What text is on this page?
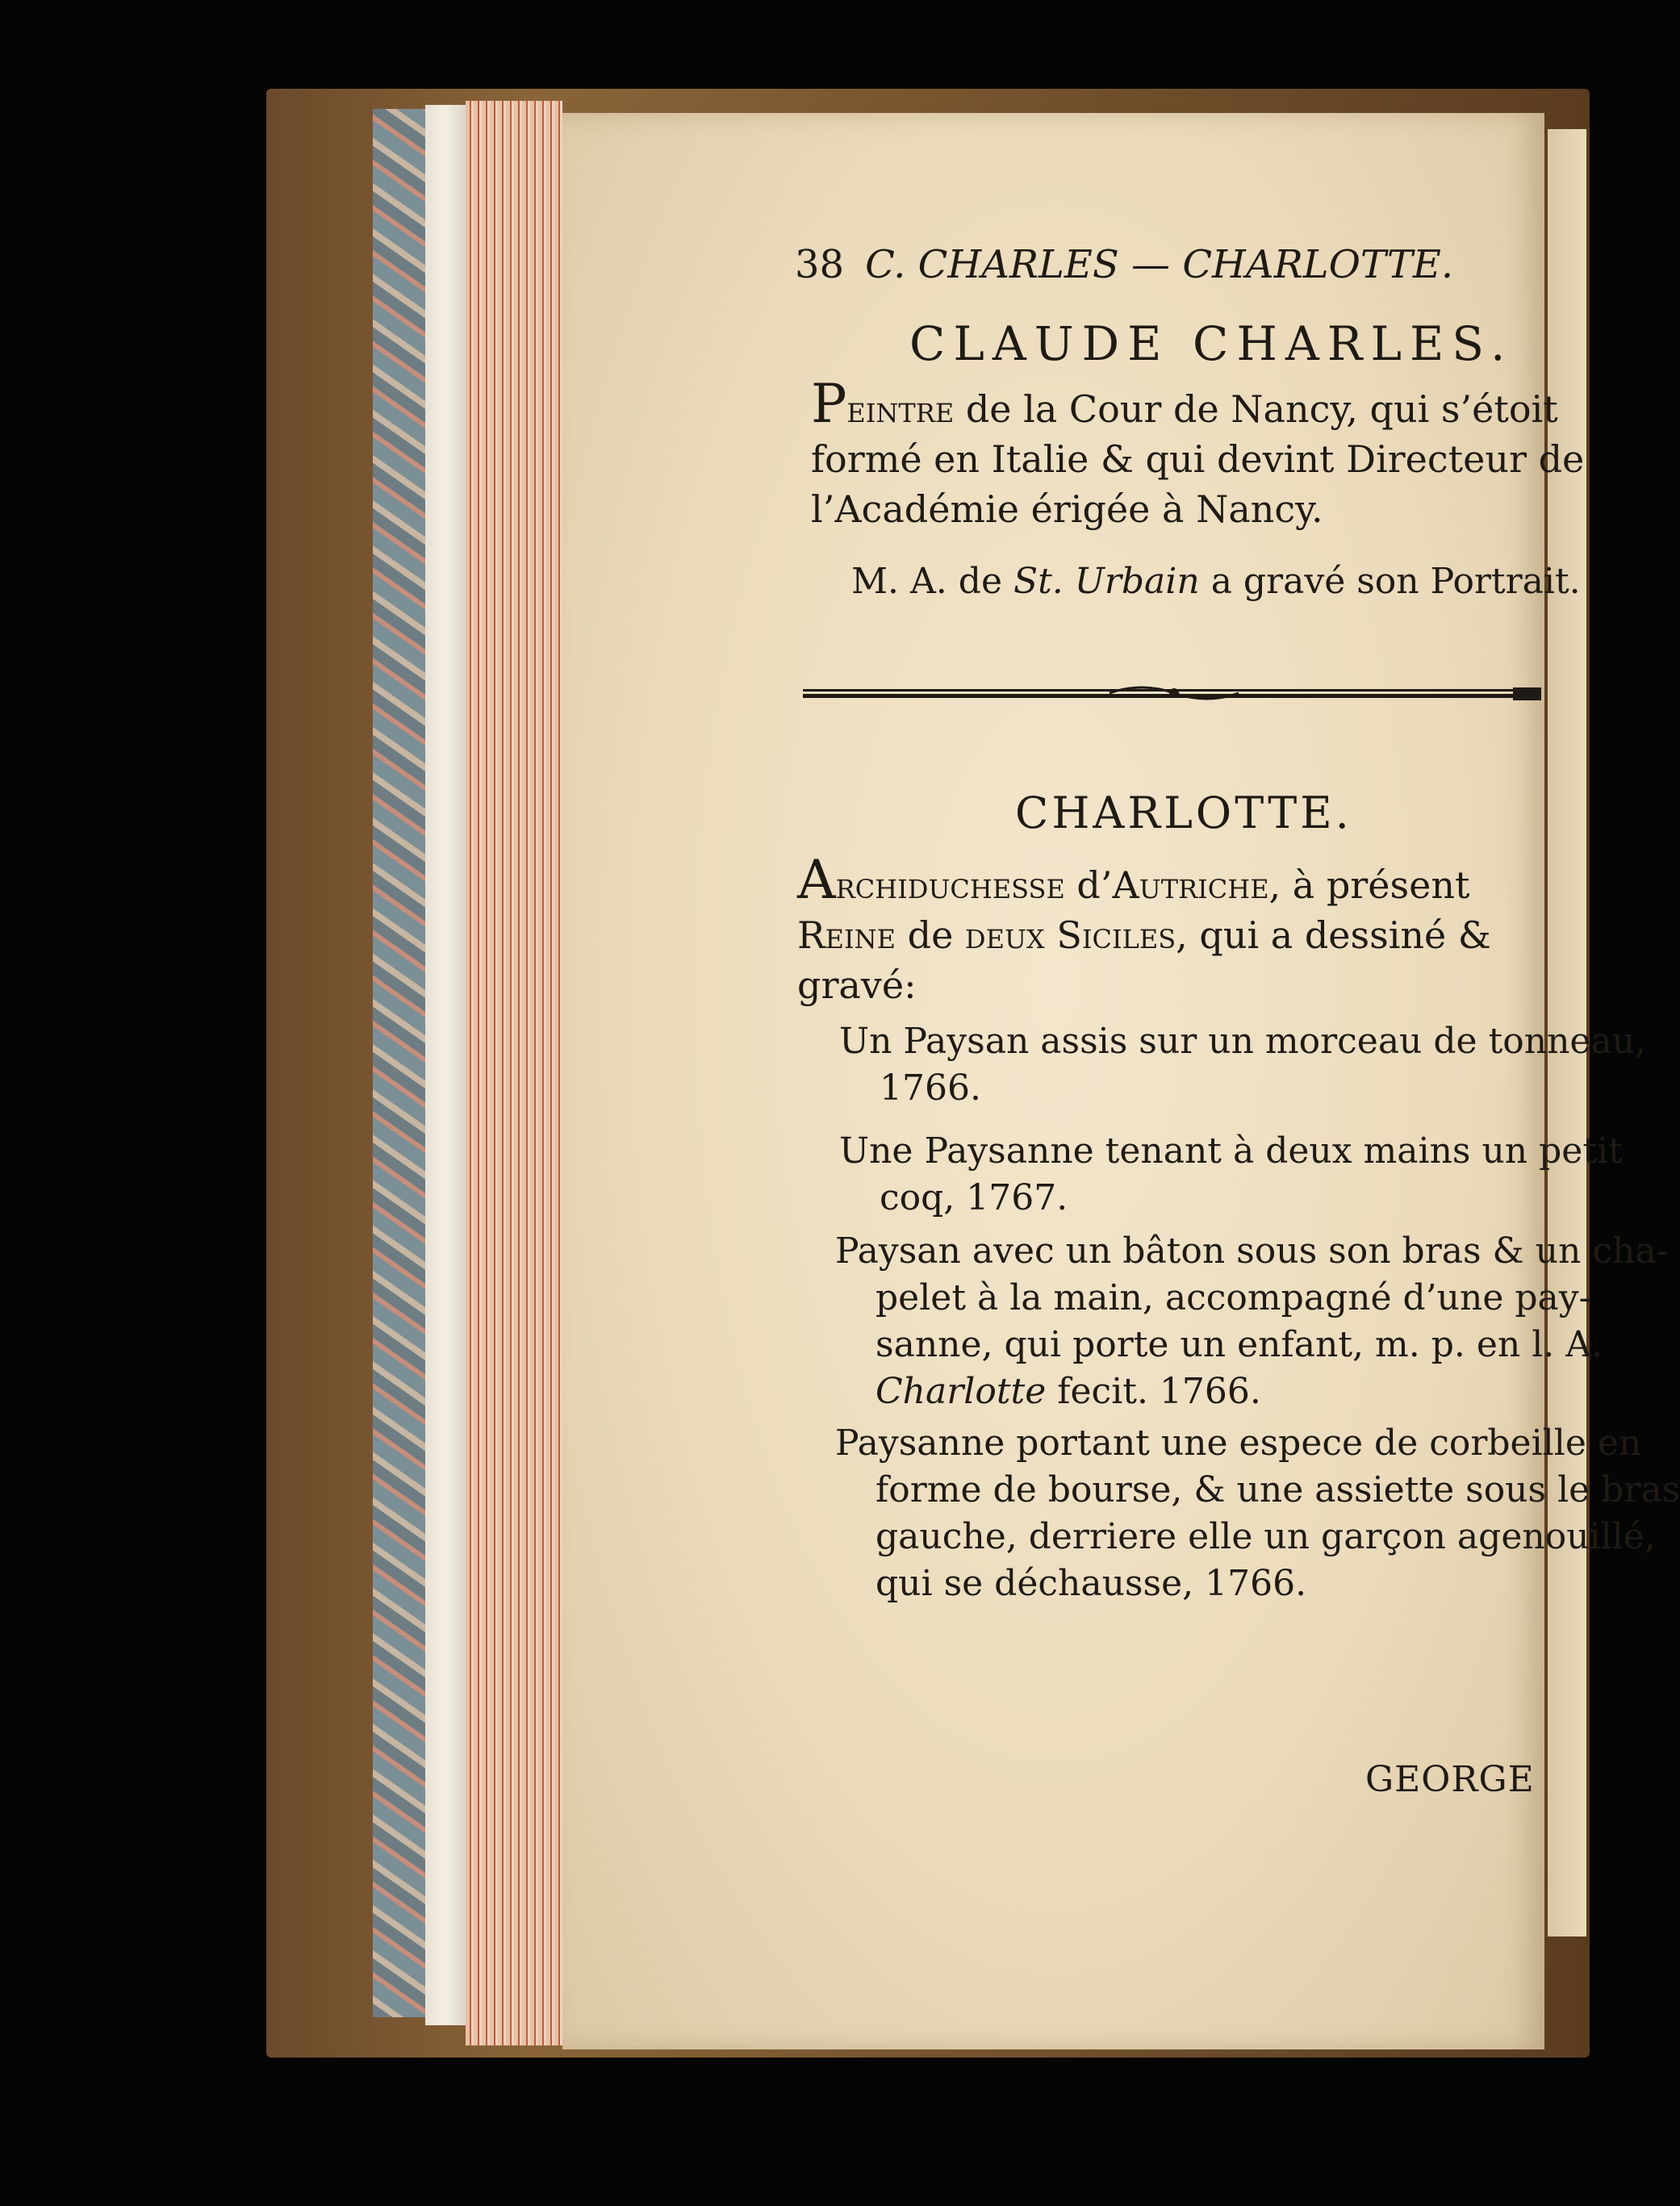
38 C. CHARLES — CHARLOTTE.
CLAUDE CHARLES.
Peintre de la Cour de Nancy, qui s’étoit
formé en Italie & qui devint Directeur de
l’Académie érigée à Nancy.
M. A. de St. Urbain a gravé son Portrait.
CHARLOTTE.
Archiduchesse d’Autriche, à présent
Reine de deux Siciles, qui a dessiné &
gravé:
Un Paysan assis sur un morceau de tonneau,
1766.
Une Paysanne tenant à deux mains un petit
coq, 1767.
Paysan avec un bâton sous son bras & un cha-
pelet à la main, accompagné d’une pay-
sanne, qui porte un enfant, m. p. en l. A.
Charlotte fecit. 1766.
Paysanne portant une espece de corbeille en
forme de bourse, & une assiette sous le bras
gauche, derriere elle un garçon agenouillé,
qui se déchausse, 1766.
GEORGE
